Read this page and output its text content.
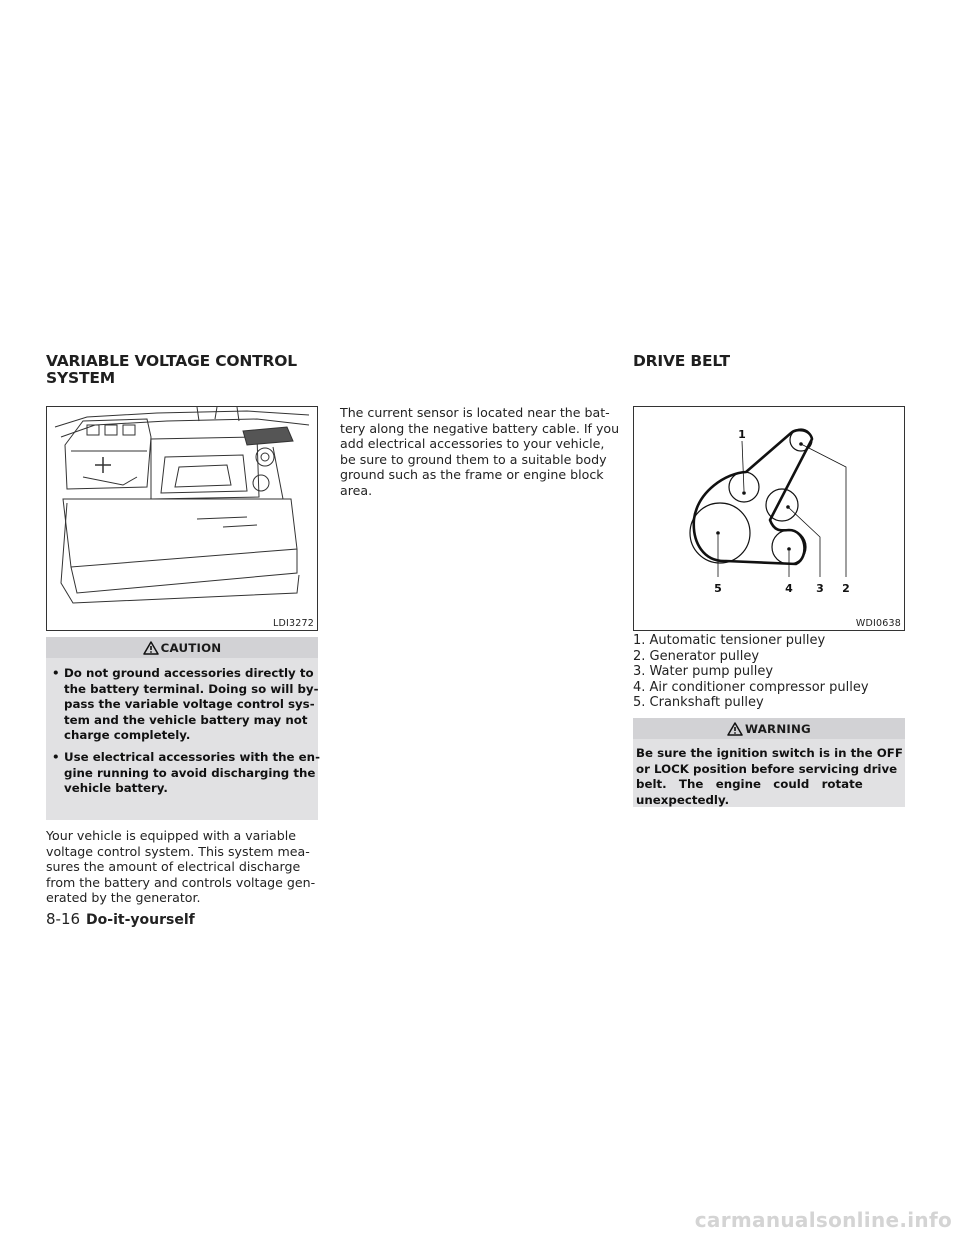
VARIABLE VOLTAGE CONTROL
SYSTEM
LDI3272
CAUTION
• Do not ground accessories directly to
the battery terminal. Doing so will by-
pass the variable voltage control sys-
tem and the vehicle battery may not
charge completely.
• Use electrical accessories with the en-
gine running to avoid discharging the
vehicle battery.
Your vehicle is equipped with a variable
voltage control system. This system mea-
sures the amount of electrical discharge
from the battery and controls voltage gen-
erated by the generator.
The current sensor is located near the bat-
tery along the negative battery cable. If you
add electrical accessories to your vehicle,
be sure to ground them to a suitable body
ground such as the frame or engine block
area.
DRIVE BELT
1
5	4 3 2
WDI0638
1. Automatic tensioner pulley
2. Generator pulley
3. Water pump pulley
4. Air conditioner compressor pulley
5. Crankshaft pulley
WARNING
Be sure the ignition switch is in the OFF
or LOCK position before servicing drive
belt.   The   engine   could   rotate
unexpectedly.
8-16 Do-it-yourself
carmanualsonline.info
